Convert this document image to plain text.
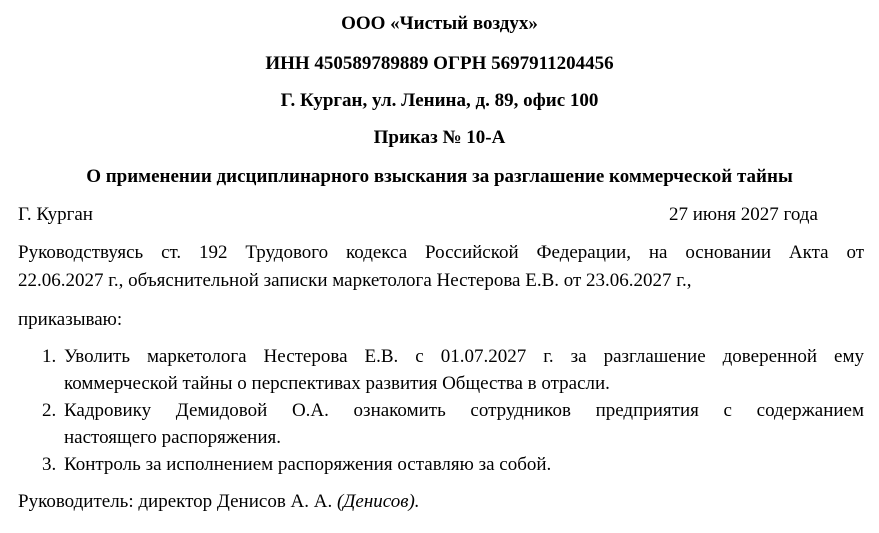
ООО «Чистый воздух»
ИНН 450589789889 ОГРН 5697911204456
Г. Курган, ул. Ленина, д. 89, офис 100
Приказ № 10-А
О применении дисциплинарного взыскания за разглашение коммерческой тайны
Г. Курган	27 июня 2027 года
Руководствуясь ст. 192 Трудового кодекса Российской Федерации, на основании Акта от
22.06.2027 г., объяснительной записки маркетолога Нестерова Е.В. от 23.06.2027 г.,
приказываю:
1. Уволить маркетолога Нестерова Е.В. с 01.07.2027 г. за разглашение доверенной ему
коммерческой тайны о перспективах развития Общества в отрасли.
2. Кадровику Демидовой О.А. ознакомить сотрудников предприятия с содержанием
настоящего распоряжения.
3. Контроль за исполнением распоряжения оставляю за собой.
Руководитель: директор Денисов А. А. (Денисов).
